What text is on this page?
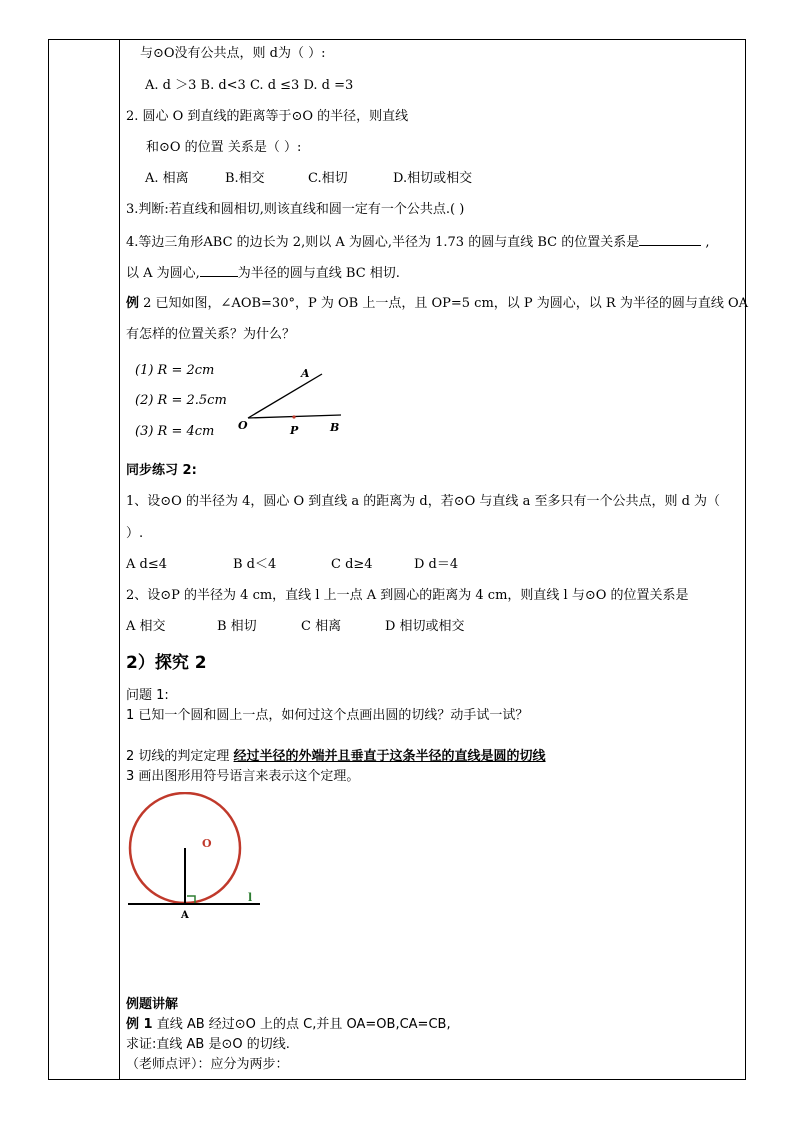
与⊙O没有公共点，则 d为（ ）:
A. d ＞3 B. d<3 C. d ≤3 D. d =3
2. 圆心 O 到直线的距离等于⊙O 的半径，则直线
和⊙O 的位置 关系是（ ）:
A. 相离	B.相交	C.相切	D.相切或相交
3.判断:若直线和圆相切,则该直线和圆一定有一个公共点.( )
4.等边三角形ABC 的边长为 2,则以 A 为圆心,半径为 1.73 的圆与直线 BC 的位置关系是	,
以 A 为圆心,	为半径的圆与直线 BC 相切.
例 2 已知如图，∠AOB=30°，P 为 OB 上一点，且 OP=5 cm，以 P 为圆心，以 R 为半径的圆与直线 OA
有怎样的位置关系？为什么？
(1) R = 2cm
(2) R = 2.5cm
(3) R = 4cm
A
O	P	B
同步练习 2:
1、设⊙O 的半径为 4，圆心 O 到直线 a 的距离为 d，若⊙O 与直线 a 至多只有一个公共点，则 d 为（
）.
A d≤4	B d＜4	C d≥4	D d＝4
2、设⊙P 的半径为 4 cm，直线 l 上一点 A 到圆心的距离为 4 cm，则直线 l 与⊙O 的位置关系是
A 相交	B 相切	C 相离	D 相切或相交
2）探究 2
问题 1:
1 已知一个圆和圆上一点，如何过这个点画出圆的切线？动手试一试？
2 切线的判定定理 经过半径的外端并且垂直于这条半径的直线是圆的切线
3 画出图形用符号语言来表示这个定理。
O
A
l
例题讲解
例 1 直线 AB 经过⊙O 上的点 C,并且 OA=OB,CA=CB,
求证:直线 AB 是⊙O 的切线.
（老师点评）：应分为两步：
